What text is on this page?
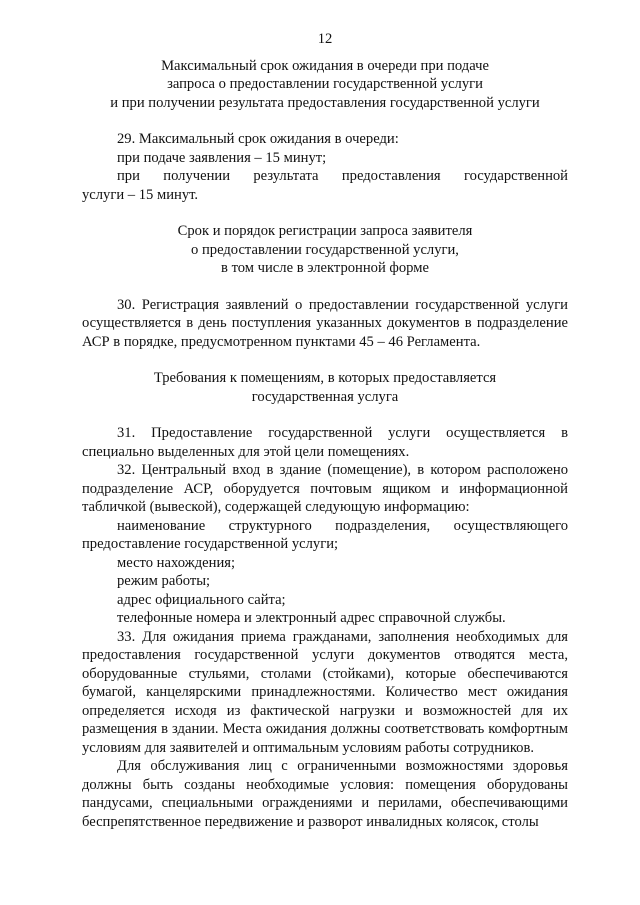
12
Максимальный срок ожидания в очереди при подаче
запроса о предоставлении государственной услуги
и при получении результата предоставления государственной услуги

29. Максимальный срок ожидания в очереди:

при подаче заявления – 15 минут;

при получении результата предоставления государственной

услуги – 15 минут.

Срок и порядок регистрации запроса заявителя
о предоставлении государственной услуги,
в том числе в электронной форме

30. Регистрация заявлений о предоставлении государственной услуги осуществляется в день поступления указанных документов в подразделение АСР в порядке, предусмотренном пунктами 45 – 46 Регламента.

Требования к помещениям, в которых предоставляется
государственная услуга

31. Предоставление государственной услуги осуществляется в специально выделенных для этой цели помещениях.

32. Центральный вход в здание (помещение), в котором расположено подразделение АСР, оборудуется почтовым ящиком и информационной табличкой (вывеской), содержащей следующую информацию:

наименование структурного подразделения, осуществляющего предоставление государственной услуги;

место нахождения;

режим работы;

адрес официального сайта;

телефонные номера и электронный адрес справочной службы.

33. Для ожидания приема гражданами, заполнения необходимых для предоставления государственной услуги документов отводятся места, оборудованные стульями, столами (стойками), которые обеспечиваются бумагой, канцелярскими принадлежностями. Количество мест ожидания определяется исходя из фактической нагрузки и возможностей для их размещения в здании. Места ожидания должны соответствовать комфортным условиям для заявителей и оптимальным условиям работы сотрудников.

Для обслуживания лиц с ограниченными возможностями здоровья должны быть созданы необходимые условия: помещения оборудованы пандусами, специальными ограждениями и перилами, обеспечивающими беспрепятственное передвижение и разворот инвалидных колясок, столы
